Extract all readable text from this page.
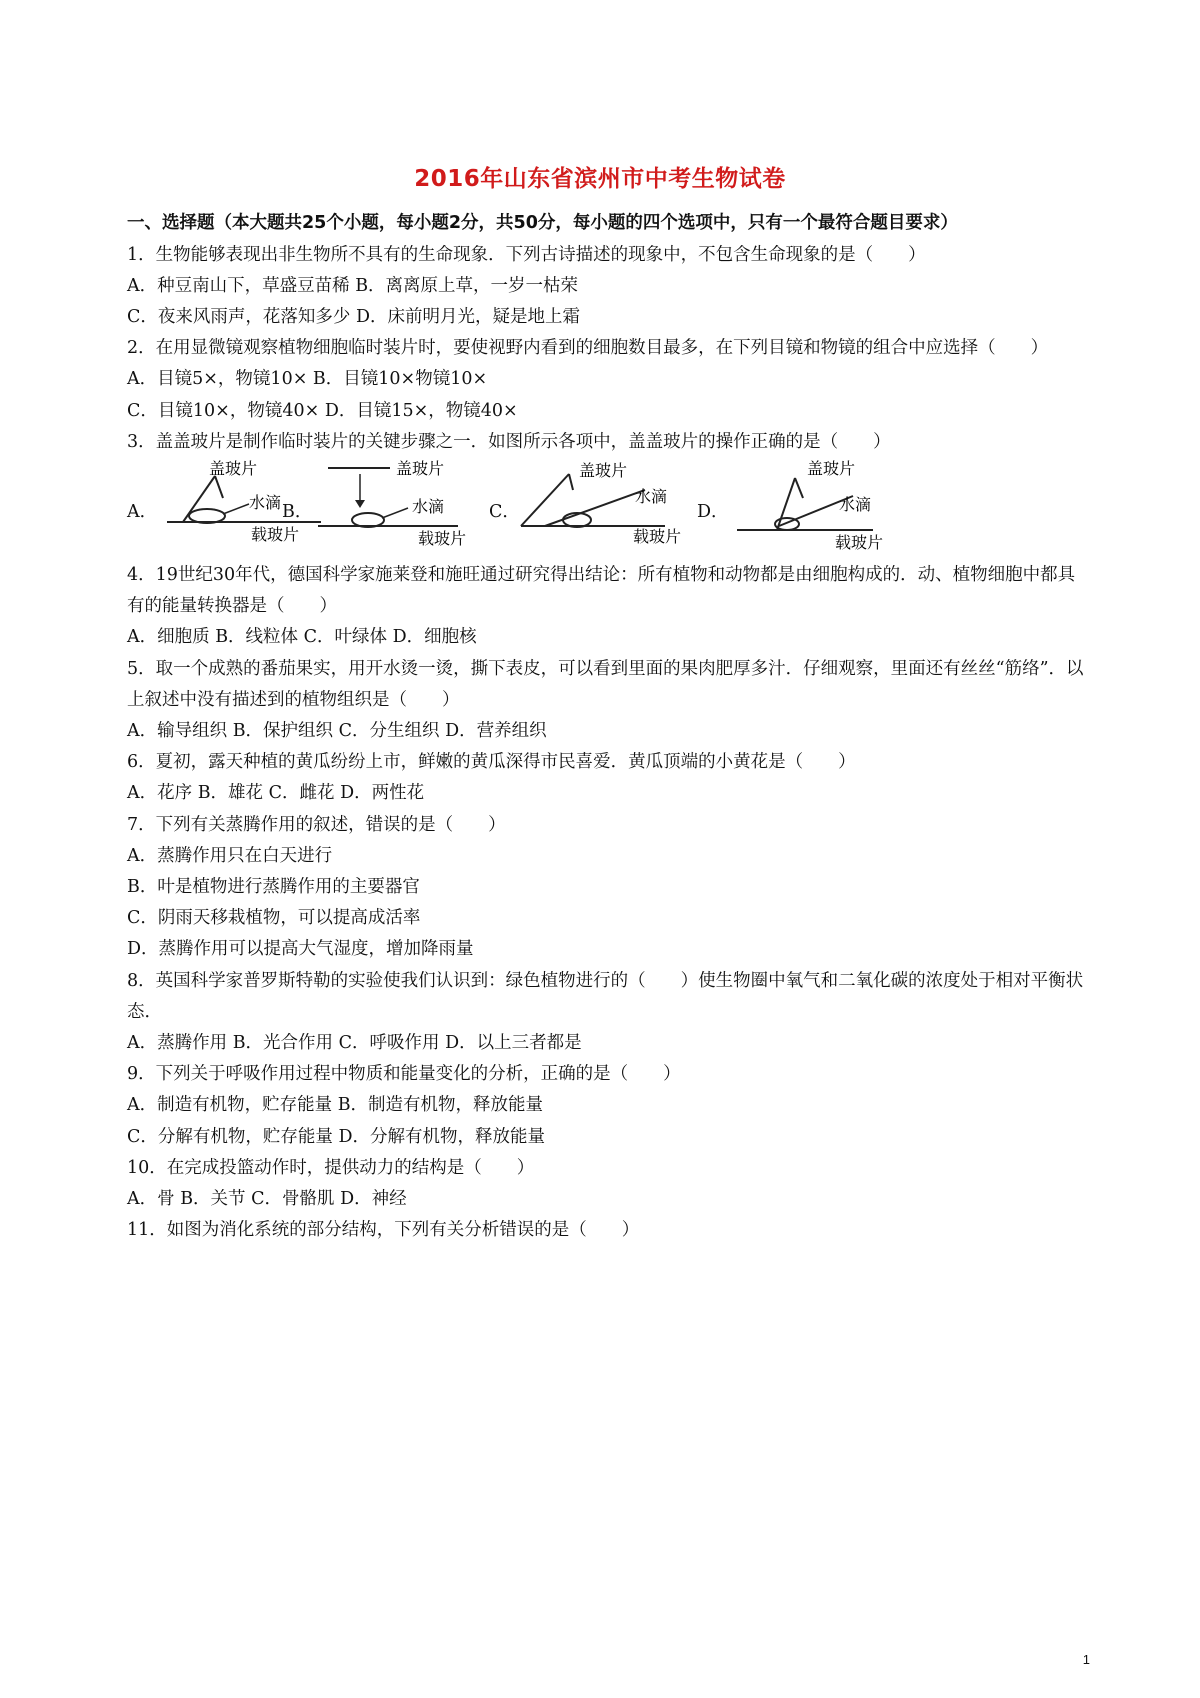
2016年山东省滨州市中考生物试卷
一、选择题（本大题共25个小题，每小题2分，共50分，每小题的四个选项中，只有一个最符合题目要求）
1．生物能够表现出非生物所不具有的生命现象．下列古诗描述的现象中，不包含生命现象的是（　　）
A．种豆南山下，草盛豆苗稀 B．离离原上草，一岁一枯荣
C．夜来风雨声，花落知多少 D．床前明月光，疑是地上霜
2．在用显微镜观察植物细胞临时装片时，要使视野内看到的细胞数目最多，在下列目镜和物镜的组合中应选择（　　）
A．目镜5×，物镜10× B．目镜10×物镜10×
C．目镜10×，物镜40× D．目镜15×，物镜40×
3．盖盖玻片是制作临时装片的关键步骤之一．如图所示各项中，盖盖玻片的操作正确的是（　　）
A．
盖玻片
水滴
载玻片
B．
盖玻片
水滴
载玻片
C．
盖玻片
水滴
载玻片
D．
盖玻片
水滴
载玻片
4．19世纪30年代，德国科学家施莱登和施旺通过研究得出结论：所有植物和动物都是由细胞构成的．动、植物细胞中都具有的能量转换器是（　　）
A．细胞质 B．线粒体 C．叶绿体 D．细胞核
5．取一个成熟的番茄果实，用开水烫一烫，撕下表皮，可以看到里面的果肉肥厚多汁．仔细观察，里面还有丝丝“筋络”．以上叙述中没有描述到的植物组织是（　　）
A．输导组织 B．保护组织 C．分生组织 D．营养组织
6．夏初，露天种植的黄瓜纷纷上市，鲜嫩的黄瓜深得市民喜爱．黄瓜顶端的小黄花是（　　）
A．花序 B．雄花 C．雌花 D．两性花
7．下列有关蒸腾作用的叙述，错误的是（　　）
A．蒸腾作用只在白天进行
B．叶是植物进行蒸腾作用的主要器官
C．阴雨天移栽植物，可以提高成活率
D．蒸腾作用可以提高大气湿度，增加降雨量
8．英国科学家普罗斯特勒的实验使我们认识到：绿色植物进行的（　　）使生物圈中氧气和二氧化碳的浓度处于相对平衡状态．
A．蒸腾作用 B．光合作用 C．呼吸作用 D．以上三者都是
9．下列关于呼吸作用过程中物质和能量变化的分析，正确的是（　　）
A．制造有机物，贮存能量 B．制造有机物，释放能量
C．分解有机物，贮存能量 D．分解有机物，释放能量
10．在完成投篮动作时，提供动力的结构是（　　）
A．骨 B．关节 C．骨骼肌 D．神经
11．如图为消化系统的部分结构，下列有关分析错误的是（　　）
1
